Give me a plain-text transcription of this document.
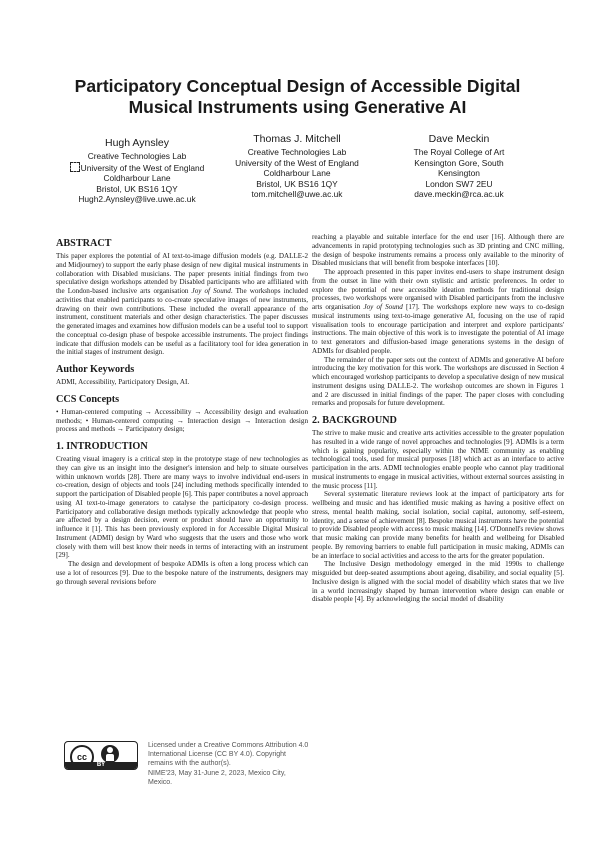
Participatory Conceptual Design of Accessible Digital
Musical Instruments using Generative AI
Hugh Aynsley
Creative Technologies Lab
University of the West of England
Coldharbour Lane
Bristol, UK BS16 1QY
Hugh2.Aynsley@live.uwe.ac.uk
Thomas J. Mitchell
Creative Technologies Lab
University of the West of England
Coldharbour Lane
Bristol, UK BS16 1QY
tom.mitchell@uwe.ac.uk
Dave Meckin
The Royal College of Art
Kensington Gore, South
Kensington
London SW7 2EU
dave.meckin@rca.ac.uk
ABSTRACT

This paper explores the potential of AI text-to-image diffusion models (e.g. DALLE-2 and Midjourney) to support the early phase design of new digital musical instruments in collaboration with Disabled musicians. The paper presents initial findings from two speculative design workshops attended by Disabled participants who are affiliated with the London-based inclusive arts organisation Joy of Sound. The workshops included activities that enabled participants to co-create speculative images of new instruments, drawing on their own contributions. These included the overall appearance of the instrument, constituent materials and other design characteristics. The paper discusses the generated images and examines how diffusion models can be a useful tool to support the conceptual co-design phase of bespoke accessible instruments. The project findings indicate that diffusion models can be useful as a facilitatory tool for idea generation in the initial stages of instrument design.

Author Keywords

ADMI, Accessibility, Participatory Design, AI.

CCS Concepts

• Human-centered computing → Accessibility → Accessibility design and evaluation methods; • Human-centered computing → Interaction design → Interaction design process and methods → Participatory design;

1. INTRODUCTION

Creating visual imagery is a critical step in the prototype stage of new technologies as they can give us an insight into the designer's intension and help to situate ourselves within unknown worlds [28]. There are many ways to involve individual end-users in co-creation, design of objects and tools [24] including methods specifically intended to support the participation of Disabled people [6]. This paper contributes a novel approach using AI text-to-image generators to catalyse the participatory co-design process. Participatory and collaborative design methods typically acknowledge that people who are affected by a design decision, event or product should have an opportunity to influence it [1]. This has been previously explored in for Accessible Digital Musical Instrument (ADMI) design by Ward who suggests that the users and those who work closely with them will best know their needs in terms of interacting with an instrument [29].

The design and development of bespoke ADMIs is often a long process which can use a lot of resources [9]. Due to the bespoke nature of the instruments, designers may go through several revisions before

cc
BY
Licensed under a Creative Commons Attribution 4.0 International License (CC BY 4.0). Copyright remains with the author(s).
NIME'23, May 31-June 2, 2023, Mexico City, Mexico.

reaching a playable and suitable interface for the end user [16]. Although there are advancements in rapid prototyping technologies such as 3D printing and CNC milling, the design of bespoke instruments remains a process only available to the minority of Disabled musicians that will benefit from bespoke interfaces [10].

The approach presented in this paper invites end-users to shape instrument design from the outset in line with their own stylistic and artistic preferences. In order to explore the potential of new accessible ideation methods for traditional design processes, two workshops were organised with Disabled participants from the inclusive arts organisation Joy of Sound [17]. The workshops explore new ways to co-design musical instruments using text-to-image generative AI, focusing on the use of rapid visualisation tools to encourage participation and interpret and explore participants' instructions. The main objective of this work is to investigate the potential of AI image to text generators and diffusion-based image generations systems in the design of ADMIs for disabled people.

The remainder of the paper sets out the context of ADMIs and generative AI before introducing the key motivation for this work. The workshops are discussed in Section 4 which encouraged workshop participants to develop a speculative design of new musical instrument designs using DALLE-2. The workshop outcomes are shown in Figures 1 and 2 are discussed in initial findings of the paper. The paper closes with concluding remarks and proposals for future development.

2. BACKGROUND

The strive to make music and creative arts activities accessible to the greater population has resulted in a wide range of novel approaches and technologies [9]. ADMIs is a term which is gaining popularity, especially within the NIME community as enabling technological tools, used for musical purposes [18] which act as an interface to active participation in the arts. ADMI technologies enable people who cannot play traditional musical instruments to engage in musical activities, without external sources assisting in the music process [11].

Several systematic literature reviews look at the impact of participatory arts for wellbeing and music and has identified music making as having a positive effect on stress, mental health making, social isolation, social capital, autonomy, self-esteem, identity, and a sense of achievement [8]. Bespoke musical instruments have the potential to provide Disabled people with access to music making [14]. O'Donnell's review shows that music making can provide many benefits for health and wellbeing for Disabled people. By removing barriers to enable full participation in music making, ADMIs can be an interface to social activities and access to the arts for the greater population.

The Inclusive Design methodology emerged in the mid 1990s to challenge misguided but deep-seated assumptions about ageing, disability, and social equality [5]. Inclusive design is aligned with the social model of disability which states that we live in a world increasingly shaped by human intervention where design can enable or disable people [4]. By acknowledging the social model of disability
